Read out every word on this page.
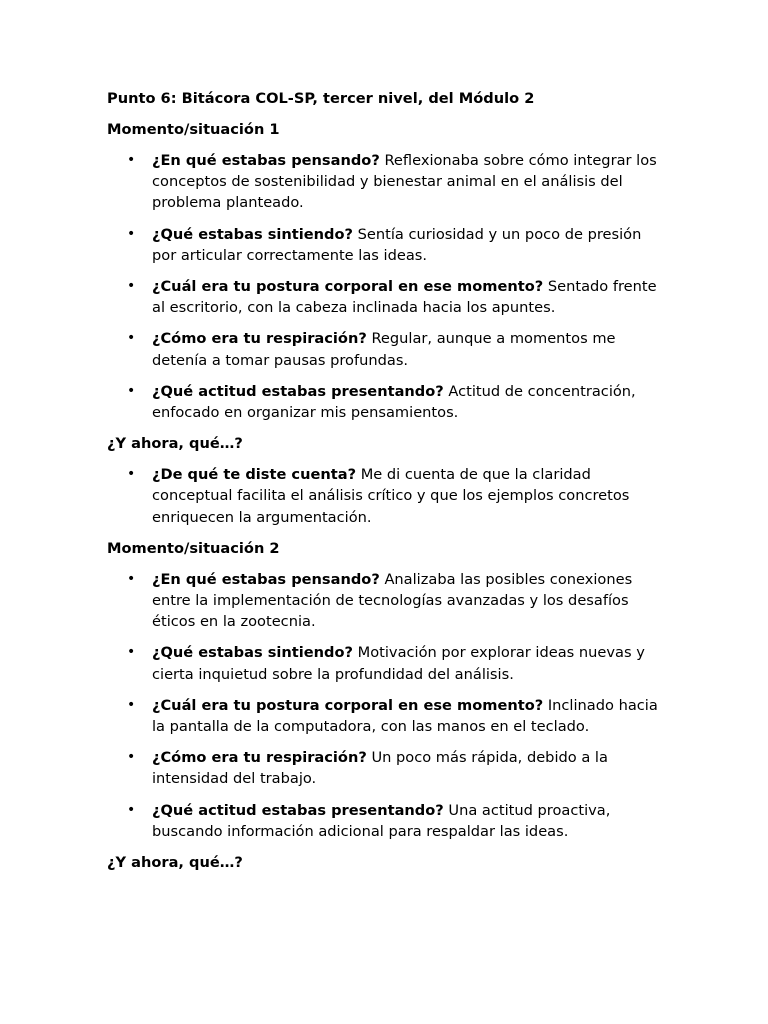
Punto 6: Bitácora COL-SP, tercer nivel, del Módulo 2
Momento/situación 1
• ¿En qué estabas pensando? Reflexionaba sobre cómo integrar los conceptos de sostenibilidad y bienestar animal en el análisis del problema planteado.
• ¿Qué estabas sintiendo? Sentía curiosidad y un poco de presión por articular correctamente las ideas.
• ¿Cuál era tu postura corporal en ese momento? Sentado frente al escritorio, con la cabeza inclinada hacia los apuntes.
• ¿Cómo era tu respiración? Regular, aunque a momentos me detenía a tomar pausas profundas.
• ¿Qué actitud estabas presentando? Actitud de concentración, enfocado en organizar mis pensamientos.
¿Y ahora, qué…?
• ¿De qué te diste cuenta? Me di cuenta de que la claridad conceptual facilita el análisis crítico y que los ejemplos concretos enriquecen la argumentación.
Momento/situación 2
• ¿En qué estabas pensando? Analizaba las posibles conexiones entre la implementación de tecnologías avanzadas y los desafíos éticos en la zootecnia.
• ¿Qué estabas sintiendo? Motivación por explorar ideas nuevas y cierta inquietud sobre la profundidad del análisis.
• ¿Cuál era tu postura corporal en ese momento? Inclinado hacia la pantalla de la computadora, con las manos en el teclado.
• ¿Cómo era tu respiración? Un poco más rápida, debido a la intensidad del trabajo.
• ¿Qué actitud estabas presentando? Una actitud proactiva, buscando información adicional para respaldar las ideas.
¿Y ahora, qué…?
